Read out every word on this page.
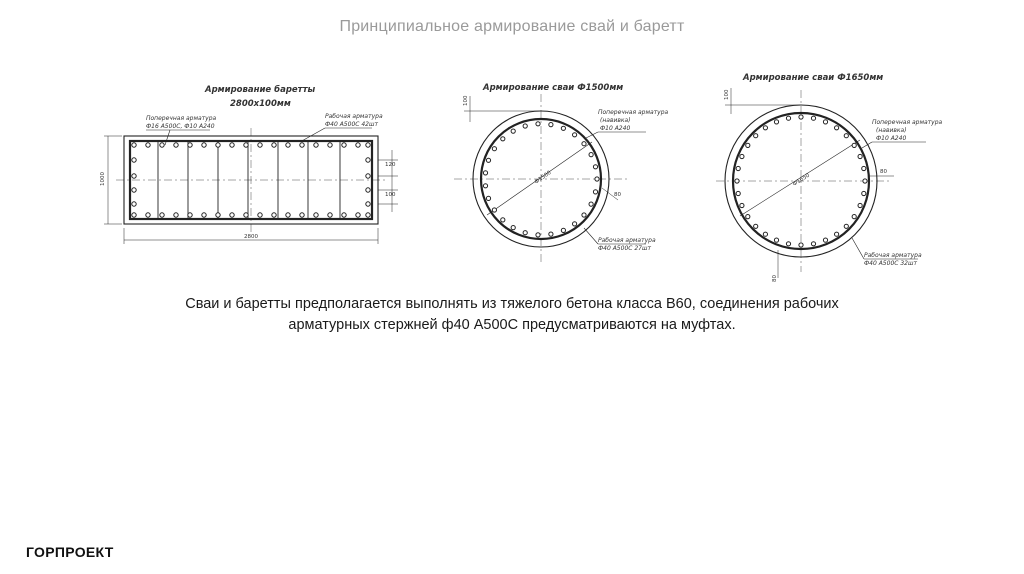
Принципиальное армирование свай и баретт
Армирование баретты
2800х100мм
Поперечная арматура
Ф16 А500С, Ф10 А240
Рабочая арматура
Ф40 А500С 42шт
2800
1000
120
100
Армирование сваи Ф1500мм
Поперечная арматура
(навивка)
Ф10 А240
Рабочая арматура
Ф40 А500С 27шт
Ф1500
100
80
Армирование сваи Ф1650мм
Поперечная арматура
(навивка)
Ф10 А240
Рабочая арматура
Ф40 А500С 32шт
Ф1650
100
80
80
Сваи и баретты предполагается выполнять из тяжелого бетона класса В60, соединения рабочих арматурных стержней ф40 А500С предусматриваются на муфтах.
ГОРПРОЕКТ
